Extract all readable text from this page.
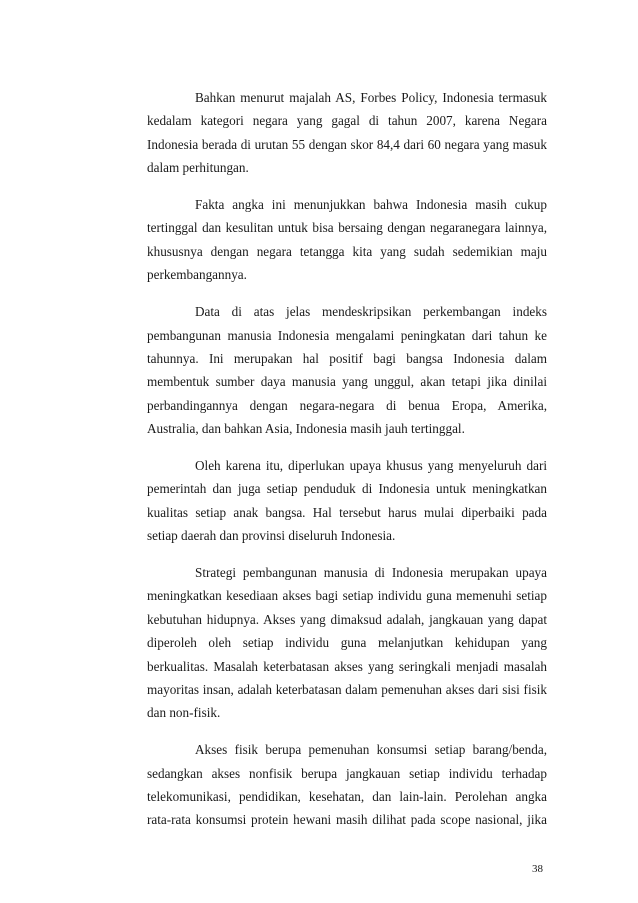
Bahkan menurut majalah AS, Forbes Policy, Indonesia termasuk
kedalam kategori negara yang gagal di tahun 2007, karena Negara
Indonesia berada di urutan 55 dengan skor 84,4 dari 60 negara yang masuk
dalam perhitungan.
Fakta angka ini menunjukkan bahwa Indonesia masih cukup
tertinggal dan kesulitan untuk bisa bersaing dengan negaranegara lainnya,
khususnya dengan negara tetangga kita yang sudah sedemikian maju
perkembangannya.
Data di atas jelas mendeskripsikan perkembangan indeks
pembangunan manusia Indonesia mengalami peningkatan dari tahun ke
tahunnya. Ini merupakan hal positif bagi bangsa Indonesia dalam
membentuk sumber daya manusia yang unggul, akan tetapi jika dinilai
perbandingannya dengan negara-negara di benua Eropa, Amerika,
Australia, dan bahkan Asia, Indonesia masih jauh tertinggal.
Oleh karena itu, diperlukan upaya khusus yang menyeluruh dari
pemerintah dan juga setiap penduduk di Indonesia untuk meningkatkan
kualitas setiap anak bangsa. Hal tersebut harus mulai diperbaiki pada
setiap daerah dan provinsi diseluruh Indonesia.
Strategi pembangunan manusia di Indonesia merupakan upaya
meningkatkan kesediaan akses bagi setiap individu guna memenuhi setiap
kebutuhan hidupnya. Akses yang dimaksud adalah, jangkauan yang dapat
diperoleh oleh setiap individu guna melanjutkan kehidupan yang
berkualitas. Masalah keterbatasan akses yang seringkali menjadi masalah
mayoritas insan, adalah keterbatasan dalam pemenuhan akses dari sisi fisik
dan non-fisik.
Akses fisik berupa pemenuhan konsumsi setiap barang/benda,
sedangkan akses nonfisik berupa jangkauan setiap individu terhadap
telekomunikasi, pendidikan, kesehatan, dan lain-lain. Perolehan angka
rata-rata konsumsi protein hewani masih dilihat pada scope nasional, jika
38
